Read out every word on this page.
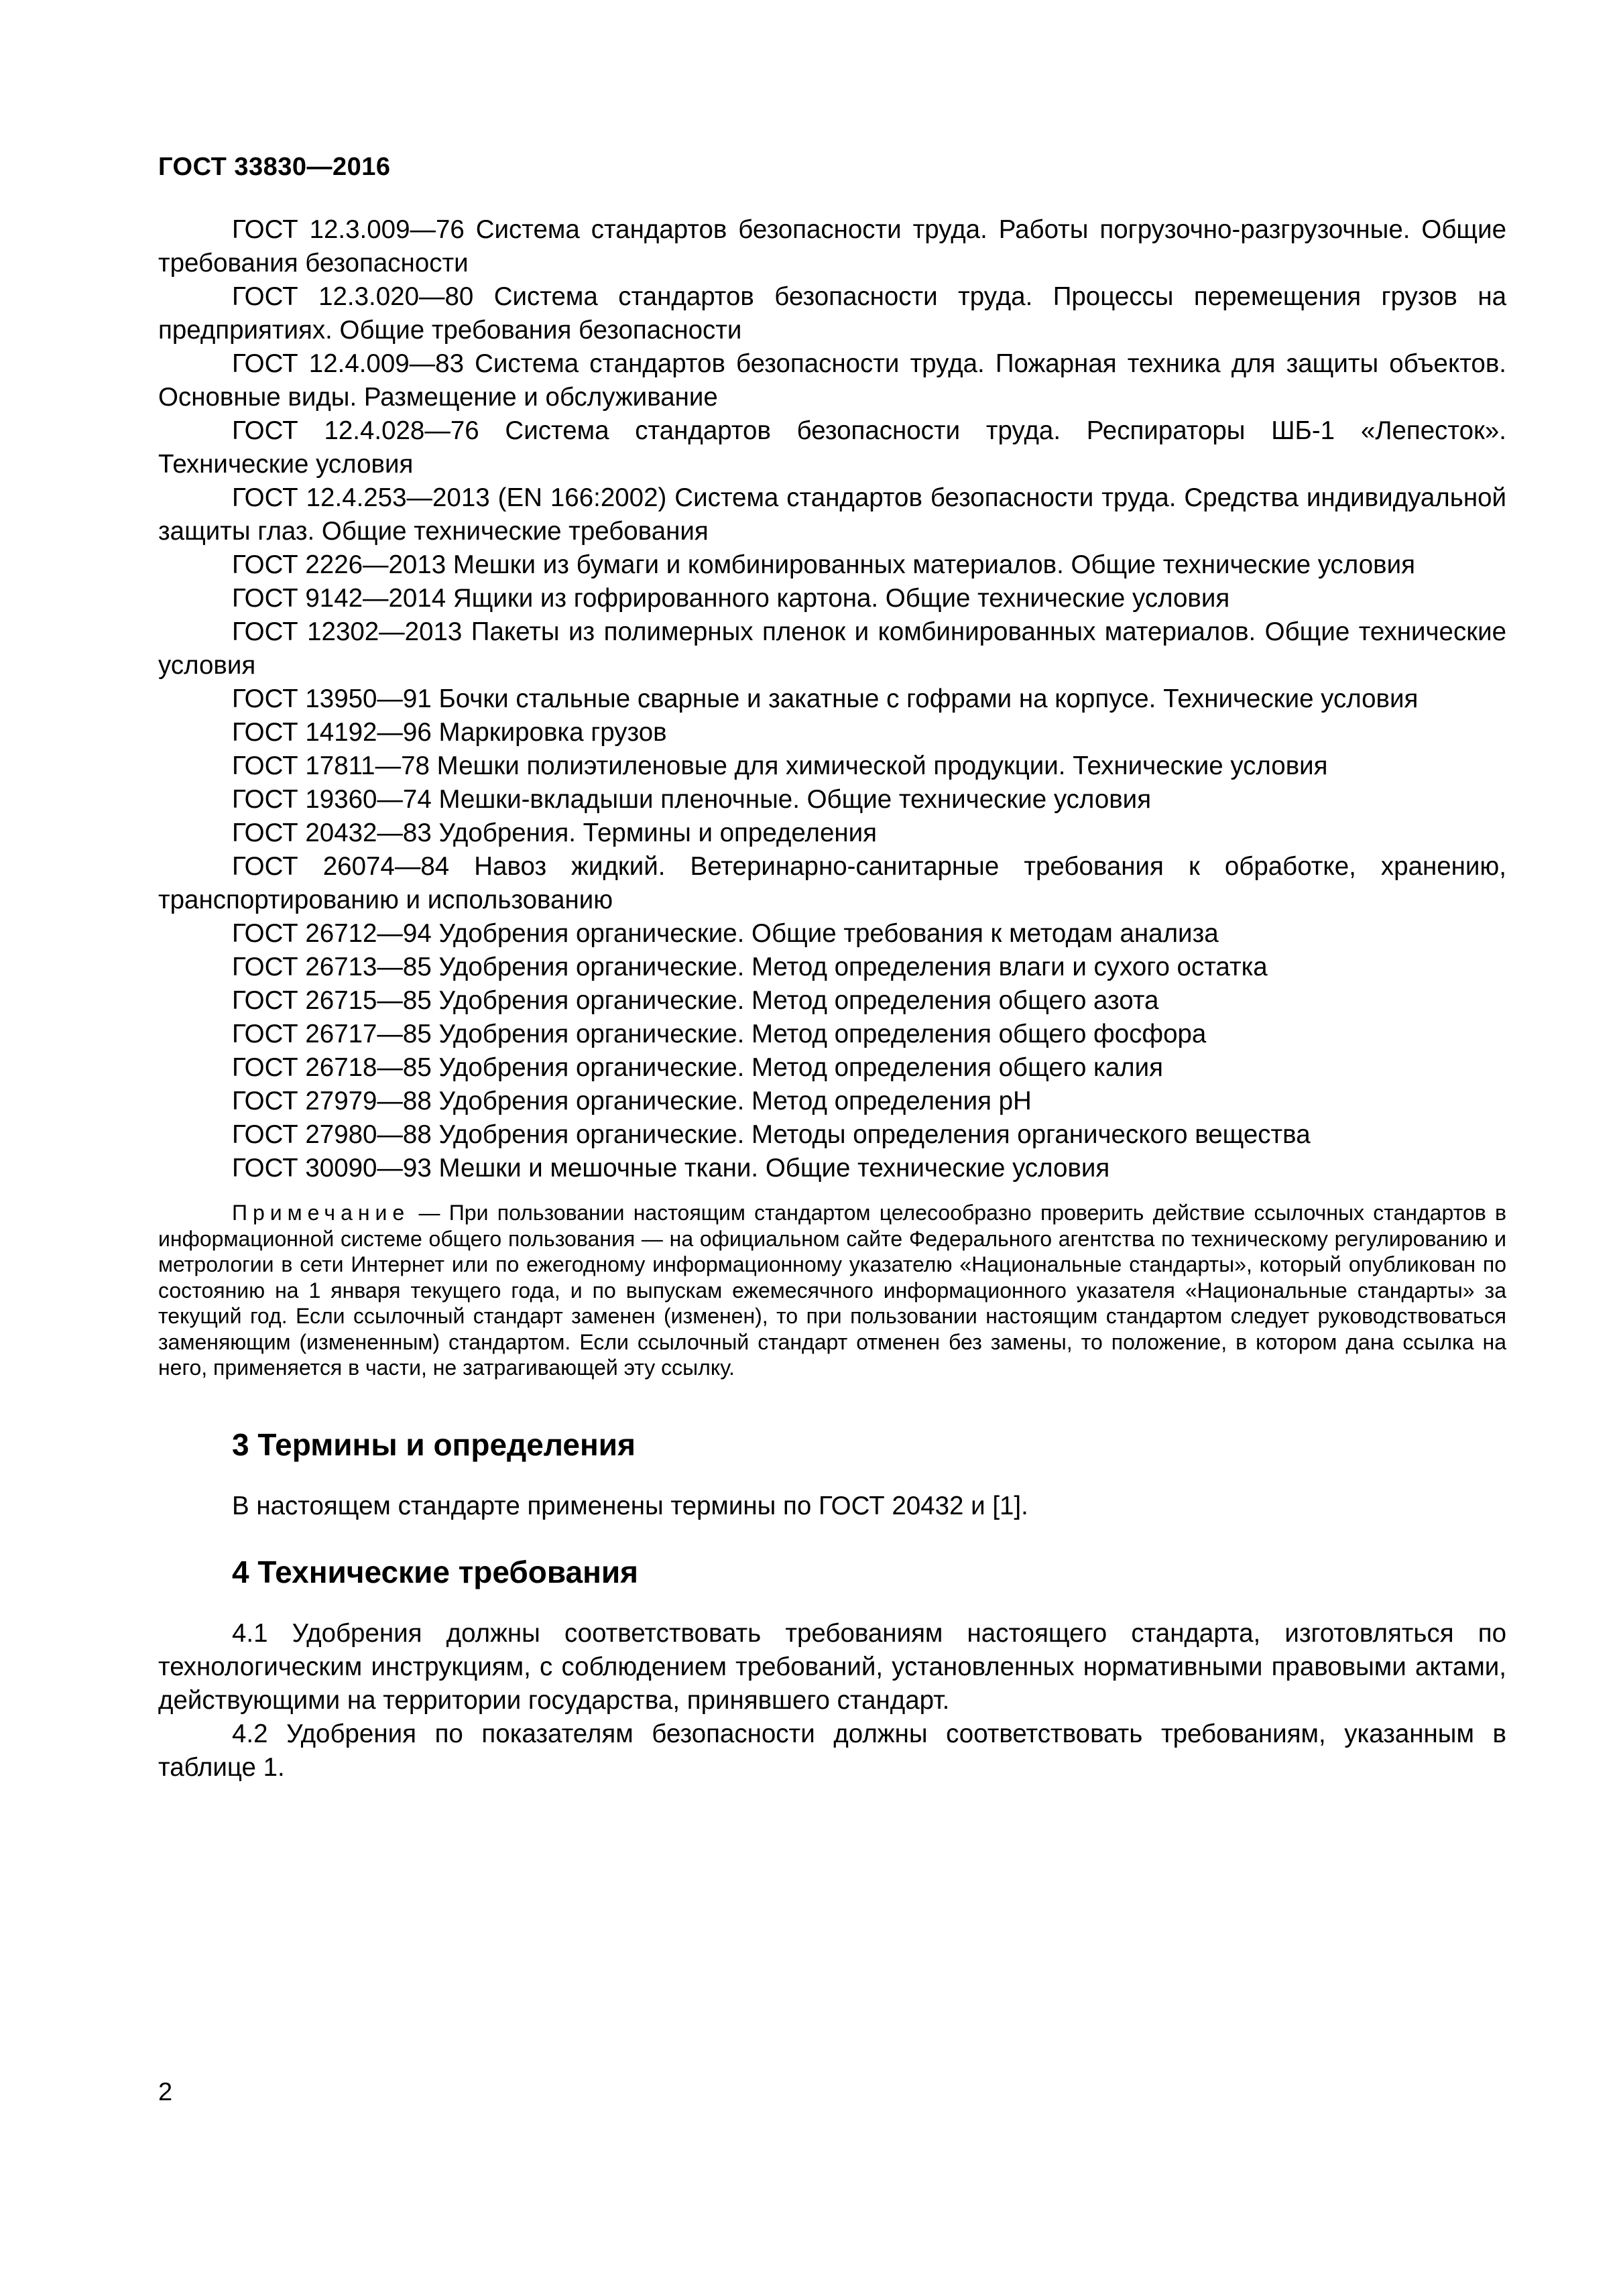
ГОСТ 33830—2016

ГОСТ 12.3.009—76 Система стандартов безопасности труда. Работы погрузочно-разгрузочные. Общие требования безопасности

ГОСТ 12.3.020—80 Система стандартов безопасности труда. Процессы перемещения грузов на предприятиях. Общие требования безопасности

ГОСТ 12.4.009—83 Система стандартов безопасности труда. Пожарная техника для защиты объектов. Основные виды. Размещение и обслуживание

ГОСТ 12.4.028—76 Система стандартов безопасности труда. Респираторы ШБ-1 «Лепесток». Технические условия

ГОСТ 12.4.253—2013 (EN 166:2002) Система стандартов безопасности труда. Средства индивидуальной защиты глаз. Общие технические требования

ГОСТ 2226—2013 Мешки из бумаги и комбинированных материалов. Общие технические условия

ГОСТ 9142—2014 Ящики из гофрированного картона. Общие технические условия

ГОСТ 12302—2013 Пакеты из полимерных пленок и комбинированных материалов. Общие технические условия

ГОСТ 13950—91 Бочки стальные сварные и закатные с гофрами на корпусе. Технические условия

ГОСТ 14192—96 Маркировка грузов

ГОСТ 17811—78 Мешки полиэтиленовые для химической продукции. Технические условия

ГОСТ 19360—74 Мешки-вкладыши пленочные. Общие технические условия

ГОСТ 20432—83 Удобрения. Термины и определения

ГОСТ 26074—84 Навоз жидкий. Ветеринарно-санитарные требования к обработке, хранению, транспортированию и использованию

ГОСТ 26712—94 Удобрения органические. Общие требования к методам анализа

ГОСТ 26713—85 Удобрения органические. Метод определения влаги и сухого остатка

ГОСТ 26715—85 Удобрения органические. Метод определения общего азота

ГОСТ 26717—85 Удобрения органические. Метод определения общего фосфора

ГОСТ 26718—85 Удобрения органические. Метод определения общего калия

ГОСТ 27979—88 Удобрения органические. Метод определения рН

ГОСТ 27980—88 Удобрения органические. Методы определения органического вещества

ГОСТ 30090—93 Мешки и мешочные ткани. Общие технические условия

Примечание — При пользовании настоящим стандартом целесообразно проверить действие ссылочных стандартов в информационной системе общего пользования — на официальном сайте Федерального агентства по техническому регулированию и метрологии в сети Интернет или по ежегодному информационному указателю «Национальные стандарты», который опубликован по состоянию на 1 января текущего года, и по выпускам ежемесячного информационного указателя «Национальные стандарты» за текущий год. Если ссылочный стандарт заменен (изменен), то при пользовании настоящим стандартом следует руководствоваться заменяющим (измененным) стандартом. Если ссылочный стандарт отменен без замены, то положение, в котором дана ссылка на него, применяется в части, не затрагивающей эту ссылку.
3 Термины и определения

В настоящем стандарте применены термины по ГОСТ 20432 и [1].

4 Технические требования

4.1 Удобрения должны соответствовать требованиям настоящего стандарта, изготовляться по технологическим инструкциям, с соблюдением требований, установленных нормативными правовыми актами, действующими на территории государства, принявшего стандарт.

4.2 Удобрения по показателям безопасности должны соответствовать требованиям, указанным в таблице 1.

2
